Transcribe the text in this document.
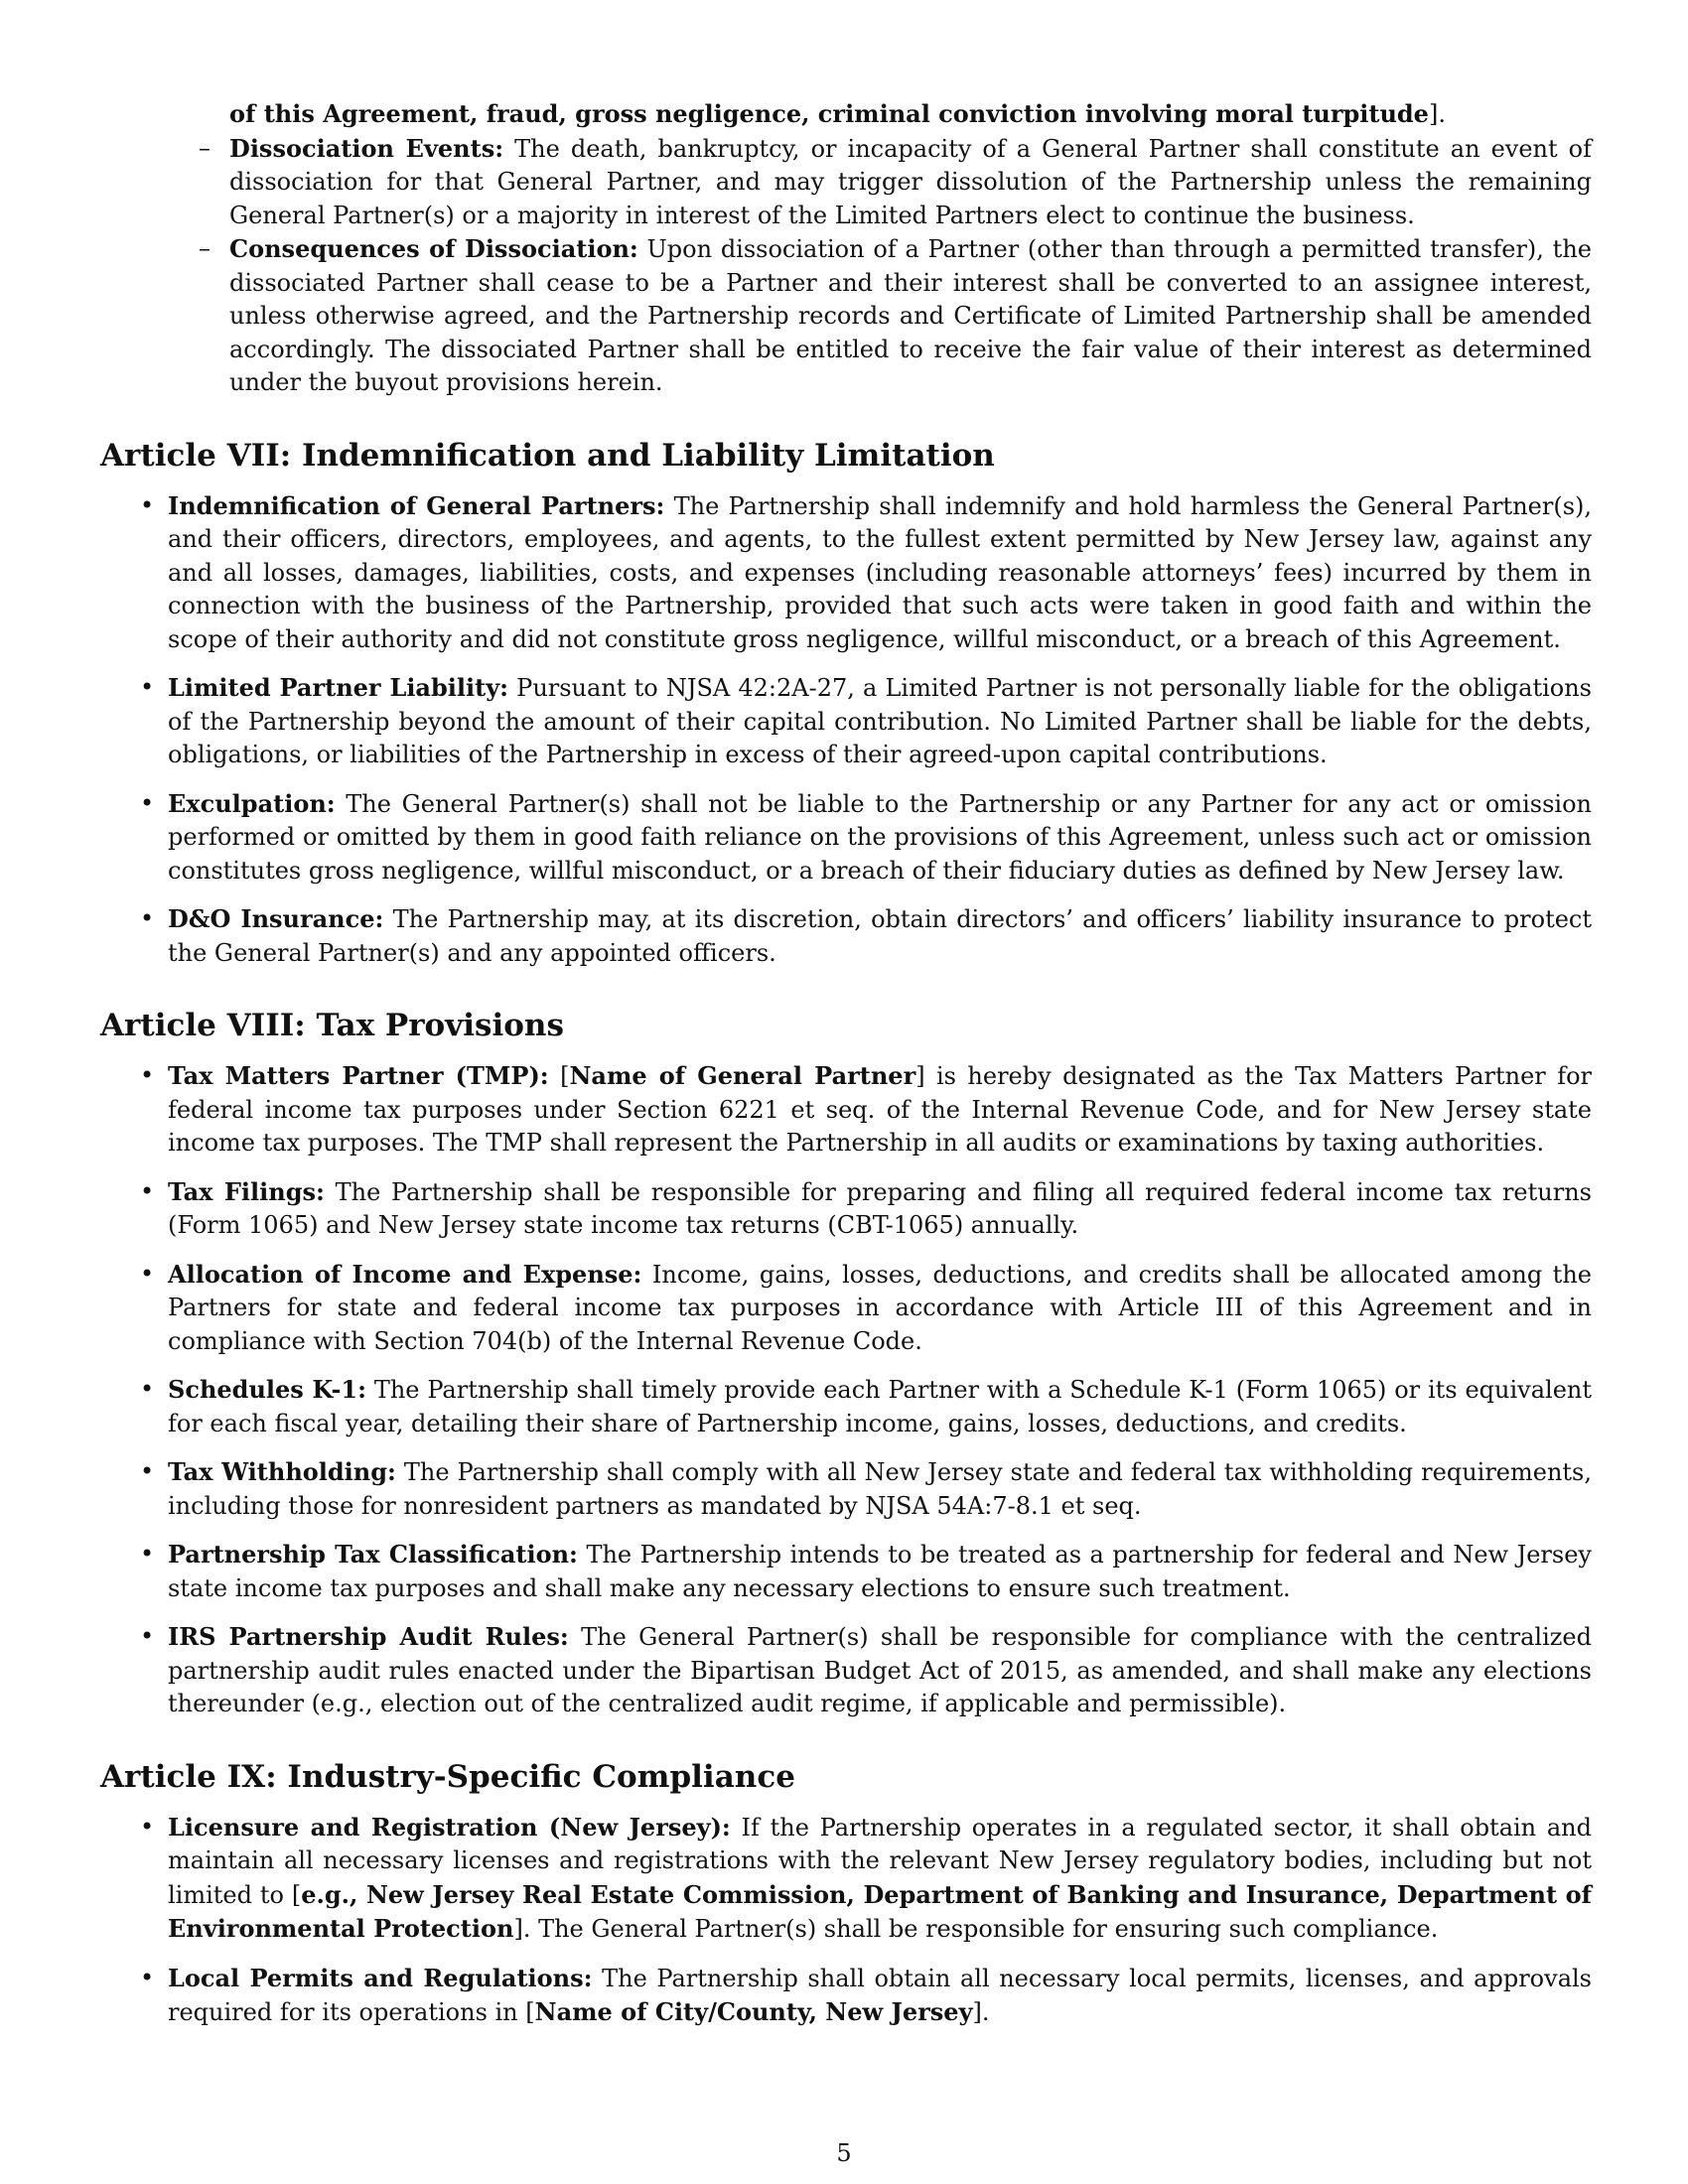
of this Agreement, fraud, gross negligence, criminal conviction involving moral turpitude].
– Dissociation Events: The death, bankruptcy, or incapacity of a General Partner shall constitute an event of dissociation for that General Partner, and may trigger dissolution of the Partnership unless the remaining General Partner(s) or a majority in interest of the Limited Partners elect to continue the business.
– Consequences of Dissociation: Upon dissociation of a Partner (other than through a permitted transfer), the dissociated Partner shall cease to be a Partner and their interest shall be converted to an assignee interest, unless otherwise agreed, and the Partnership records and Certificate of Limited Partnership shall be amended accordingly. The dissociated Partner shall be entitled to receive the fair value of their interest as determined under the buyout provisions herein.
Article VII: Indemnification and Liability Limitation
• Indemnification of General Partners: The Partnership shall indemnify and hold harmless the General Partner(s), and their officers, directors, employees, and agents, to the fullest extent permitted by New Jersey law, against any and all losses, damages, liabilities, costs, and expenses (including reasonable attorneys’ fees) incurred by them in connection with the business of the Partnership, provided that such acts were taken in good faith and within the scope of their authority and did not constitute gross negligence, willful misconduct, or a breach of this Agreement.
• Limited Partner Liability: Pursuant to NJSA 42:2A-27, a Limited Partner is not personally liable for the obligations of the Partnership beyond the amount of their capital contribution. No Limited Partner shall be liable for the debts, obligations, or liabilities of the Partnership in excess of their agreed-upon capital contributions.
• Exculpation: The General Partner(s) shall not be liable to the Partnership or any Partner for any act or omission performed or omitted by them in good faith reliance on the provisions of this Agreement, unless such act or omission constitutes gross negligence, willful misconduct, or a breach of their fiduciary duties as defined by New Jersey law.
• D&O Insurance: The Partnership may, at its discretion, obtain directors’ and officers’ liability insurance to protect the General Partner(s) and any appointed officers.
Article VIII: Tax Provisions
• Tax Matters Partner (TMP): [Name of General Partner] is hereby designated as the Tax Matters Partner for federal income tax purposes under Section 6221 et seq. of the Internal Revenue Code, and for New Jersey state income tax purposes. The TMP shall represent the Partnership in all audits or examinations by taxing authorities.
• Tax Filings: The Partnership shall be responsible for preparing and filing all required federal income tax returns (Form 1065) and New Jersey state income tax returns (CBT-1065) annually.
• Allocation of Income and Expense: Income, gains, losses, deductions, and credits shall be allocated among the Partners for state and federal income tax purposes in accordance with Article III of this Agreement and in compliance with Section 704(b) of the Internal Revenue Code.
• Schedules K-1: The Partnership shall timely provide each Partner with a Schedule K-1 (Form 1065) or its equivalent for each fiscal year, detailing their share of Partnership income, gains, losses, deductions, and credits.
• Tax Withholding: The Partnership shall comply with all New Jersey state and federal tax withholding requirements, including those for nonresident partners as mandated by NJSA 54A:7-8.1 et seq.
• Partnership Tax Classification: The Partnership intends to be treated as a partnership for federal and New Jersey state income tax purposes and shall make any necessary elections to ensure such treatment.
• IRS Partnership Audit Rules: The General Partner(s) shall be responsible for compliance with the centralized partnership audit rules enacted under the Bipartisan Budget Act of 2015, as amended, and shall make any elections thereunder (e.g., election out of the centralized audit regime, if applicable and permissible).
Article IX: Industry-Specific Compliance
• Licensure and Registration (New Jersey): If the Partnership operates in a regulated sector, it shall obtain and maintain all necessary licenses and registrations with the relevant New Jersey regulatory bodies, including but not limited to [e.g., New Jersey Real Estate Commission, Department of Banking and Insurance, Department of Environmental Protection]. The General Partner(s) shall be responsible for ensuring such compliance.
• Local Permits and Regulations: The Partnership shall obtain all necessary local permits, licenses, and approvals required for its operations in [Name of City/County, New Jersey].
5
